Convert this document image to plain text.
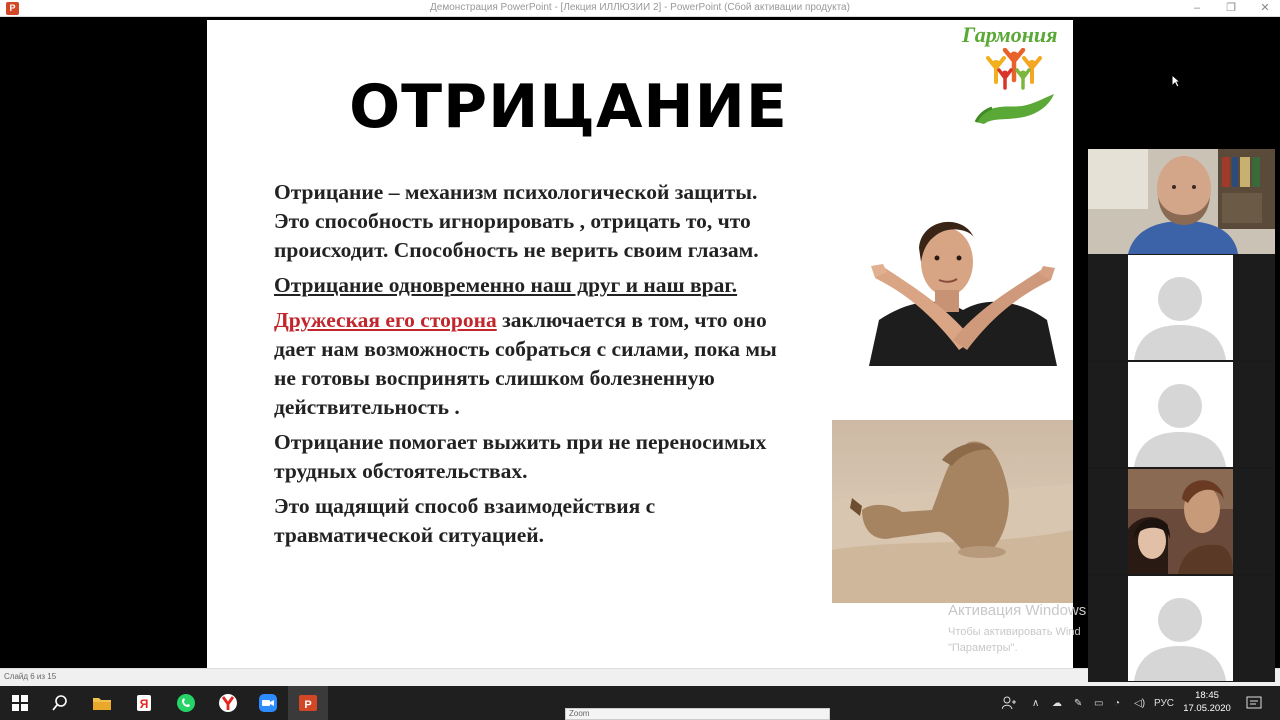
P	Демонстрация PowerPoint - [Лекция ИЛЛЮЗИИ 2] - PowerPoint (Сбой активации продукта)	–	❐	✕
ОТРИЦАНИЕ
Гармония

Отрицание – механизм психологической защиты. Это способность игнорировать , отрицать то, что происходит. Способность не верить своим глазам.

Отрицание одновременно наш друг и наш враг.

Дружеская его сторона заключается в том, что оно дает нам возможность собраться с силами, пока мы не готовы воспринять слишком болезненную действительность .

Отрицание помогает выжить при не переносимых трудных обстоятельствах.

Это щадящий способ взаимодействия с травматической ситуацией.

Активация Windows
Чтобы активировать Wind
"Параметры".
Слайд 6 из 15
Я	P	∧ ☁ ✎ ▭ ◔ ◁) РУС
18:45
17.05.2020
Zoom
